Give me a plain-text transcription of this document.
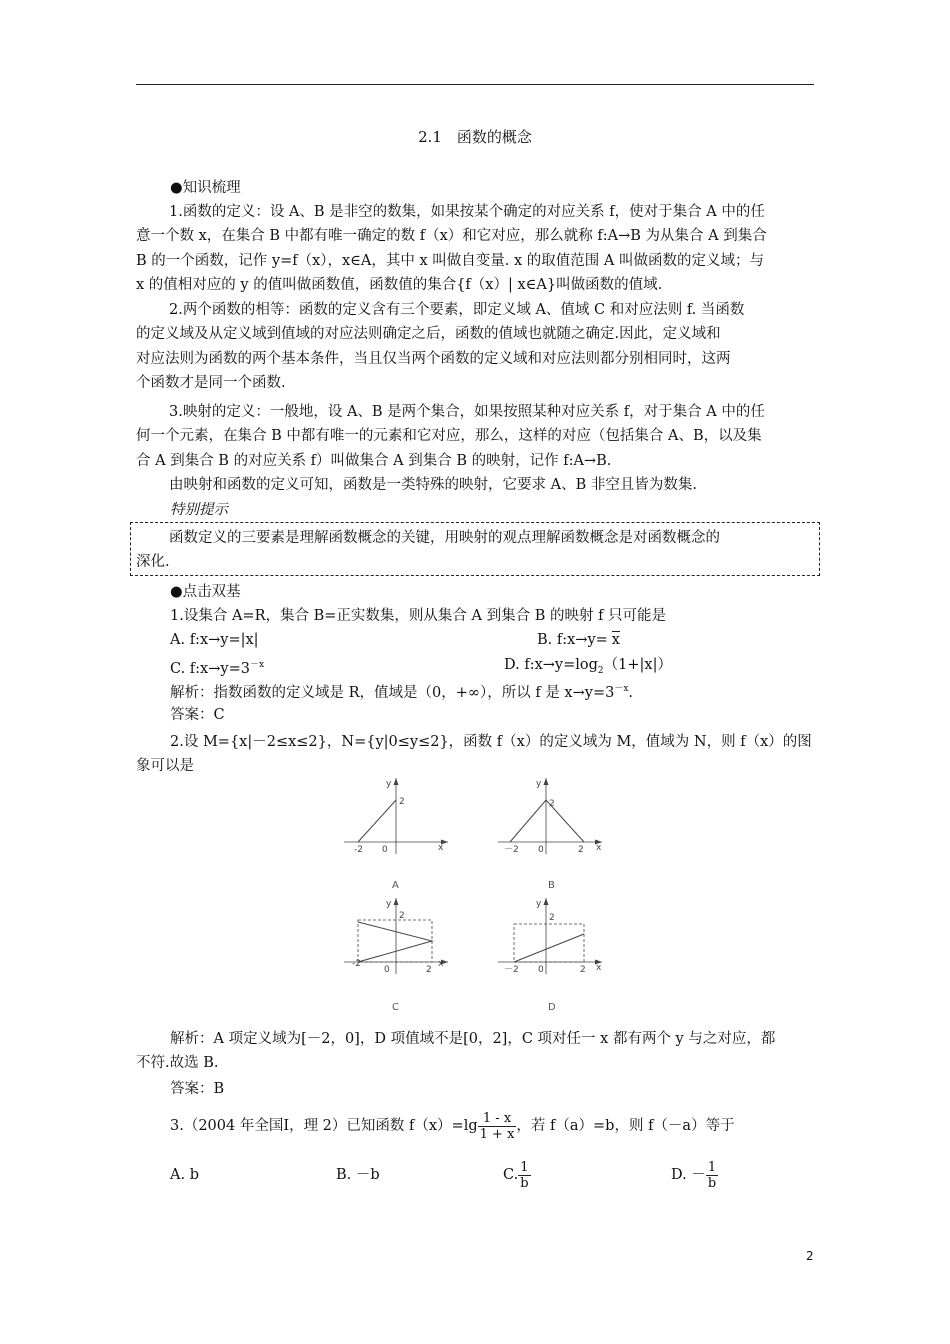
2.1　函数的概念
●知识梳理
1.函数的定义：设 A、B 是非空的数集，如果按某个确定的对应关系 f，使对于集合 A 中的任
意一个数 x，在集合 B 中都有唯一确定的数 f（x）和它对应，那么就称 f:A→B 为从集合 A 到集合
B 的一个函数，记作 y=f（x），x∈A，其中 x 叫做自变量. x 的取值范围 A 叫做函数的定义域；与
x 的值相对应的 y 的值叫做函数值，函数值的集合{f（x）| x∈A}叫做函数的值域.
2.两个函数的相等：函数的定义含有三个要素，即定义域 A、值域 C 和对应法则 f. 当函数
的定义域及从定义域到值域的对应法则确定之后，函数的值域也就随之确定.因此，定义域和
对应法则为函数的两个基本条件，当且仅当两个函数的定义域和对应法则都分别相同时，这两
个函数才是同一个函数.
3.映射的定义：一般地，设 A、B 是两个集合，如果按照某种对应关系 f，对于集合 A 中的任
何一个元素，在集合 B 中都有唯一的元素和它对应，那么，这样的对应（包括集合 A、B，以及集
合 A 到集合 B 的对应关系 f）叫做集合 A 到集合 B 的映射，记作 f:A→B.
由映射和函数的定义可知，函数是一类特殊的映射，它要求 A、B 非空且皆为数集.
特别提示
函数定义的三要素是理解函数概念的关键，用映射的观点理解函数概念是对函数概念的
深化.
●点击双基
1.设集合 A=R，集合 B=正实数集，则从集合 A 到集合 B 的映射 f 只可能是
A. f:x→y=|x|	B. f:x→y= x
C. $f:x\to y=3^{-x}$	D. $f:x\to y=\log_2(1+|x|)$
解析：指数函数的定义域是 R，值域是（0，+∞），所以 f 是 $x\to y=3^{-x}$.
答案：C
2.设 M={x|－2≤x≤2}，N={y|0≤y≤2}，函数 f（x）的定义域为 M，值域为 N，则 f（x）的图
象可以是
y
x
-2 0
2
A
y
x
－2 0	2
2
B
y
x
-2
0	2
2
C
y
x
－2 0	2
2
D
解析：A 项定义域为[－2，0]，D 项值域不是[0，2]，C 项对任一 x 都有两个 y 与之对应，都
不符.故选 B.
答案：B
3.（2004 年全国Ⅰ，理 2）已知函数 $f(x)=\lg \frac{1 - x}{1 + x}$ ，若 f（a）=b，则 f（－a）等于
A. b	B. －b	C. $\frac{1}{b}$	D. － $\frac{1}{b}$
2
